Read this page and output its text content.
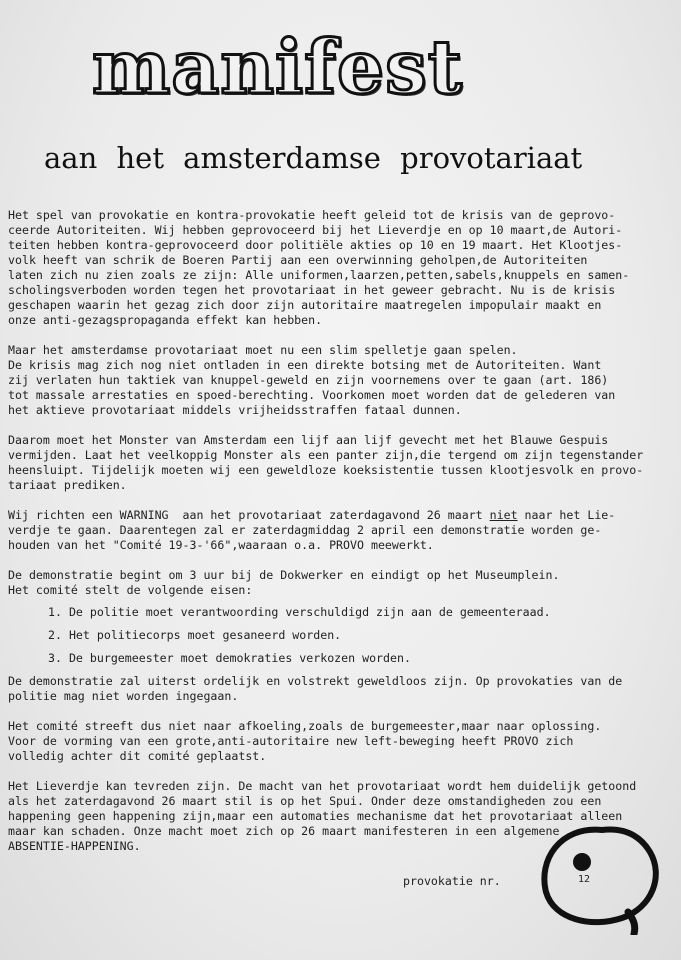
manifest
aan het amsterdamse provotariaat

Het spel van provokatie en kontra-provokatie heeft geleid tot de krisis van de geprovo-

ceerde Autoriteiten. Wij hebben geprovoceerd bij het Lieverdje en op 10 maart,de Autori-

teiten hebben kontra-geprovoceerd door politiële akties op 10 en 19 maart. Het Klootjes-

volk heeft van schrik de Boeren Partij aan een overwinning geholpen,de Autoriteiten

laten zich nu zien zoals ze zijn: Alle uniformen,laarzen,petten,sabels,knuppels en samen-

scholingsverboden worden tegen het provotariaat in het geweer gebracht. Nu is de krisis

geschapen waarin het gezag zich door zijn autoritaire maatregelen impopulair maakt en

onze anti-gezagspropaganda effekt kan hebben.

Maar het amsterdamse provotariaat moet nu een slim spelletje gaan spelen.

De krisis mag zich nog niet ontladen in een direkte botsing met de Autoriteiten. Want

zij verlaten hun taktiek van knuppel-geweld en zijn voornemens over te gaan (art. 186)

tot massale arrestaties en spoed-berechting. Voorkomen moet worden dat de gelederen van

het aktieve provotariaat middels vrijheidsstraffen fataal dunnen.

Daarom moet het Monster van Amsterdam een lijf aan lijf gevecht met het Blauwe Gespuis

vermijden. Laat het veelkoppig Monster als een panter zijn,die tergend om zijn tegenstander

heensluipt. Tijdelijk moeten wij een geweldloze koeksistentie tussen klootjesvolk en provo-

tariaat prediken.

Wij richten een WARNING  aan het provotariaat zaterdagavond 26 maart niet naar het Lie-

verdje te gaan. Daarentegen zal er zaterdagmiddag 2 april een demonstratie worden ge-

houden van het "Comité 19-3-'66",waaraan o.a. PROVO meewerkt.

De demonstratie begint om 3 uur bij de Dokwerker en eindigt op het Museumplein.

Het comité stelt de volgende eisen:

1. De politie moet verantwoording verschuldigd zijn aan de gemeenteraad.
2. Het politiecorps moet gesaneerd worden.
3. De burgemeester moet demokraties verkozen worden.

De demonstratie zal uiterst ordelijk en volstrekt geweldloos zijn. Op provokaties van de

politie mag niet worden ingegaan.

Het comité streeft dus niet naar afkoeling,zoals de burgemeester,maar naar oplossing.

Voor de vorming van een grote,anti-autoritaire new left-beweging heeft PROVO zich

volledig achter dit comité geplaatst.

Het Lieverdje kan tevreden zijn. De macht van het provotariaat wordt hem duidelijk getoond

als het zaterdagavond 26 maart stil is op het Spui. Onder deze omstandigheden zou een

happening geen happening zijn,maar een automaties mechanisme dat het provotariaat alleen

maar kan schaden. Onze macht moet zich op 26 maart manifesteren in een algemene

ABSENTIE-HAPPENING.

provokatie nr.	12
